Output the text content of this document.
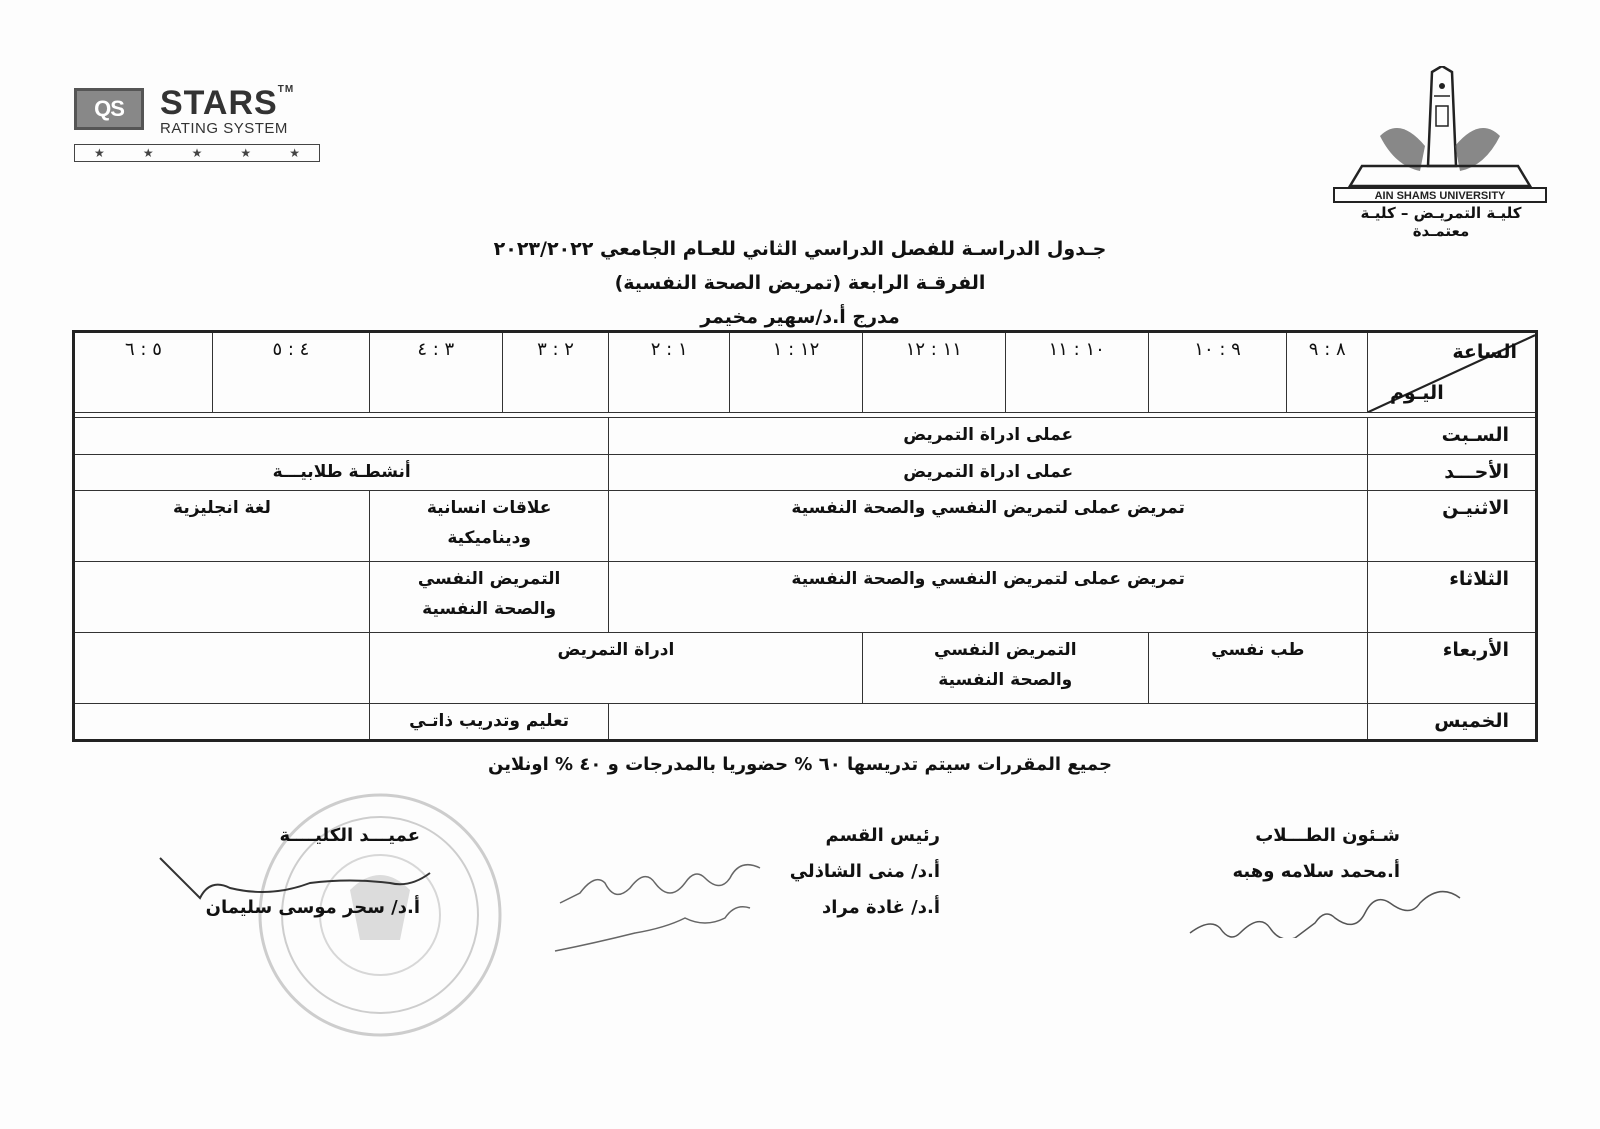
QS	STARS™
RATING SYSTEM
★	★	★	★	★
AIN SHAMS UNIVERSITY
كليـة التمريـض – كليـة معتمـدة
جـدول الدراسـة للفصل الدراسي الثاني للعـام الجامعي ٢٠٢٣/٢٠٢٢
الفرقـة الرابعة (تمريض الصحة النفسية)
مدرج أ.د/سهير مخيمر
الساعة
اليـوم	٨ : ٩	٩ : ١٠	١٠ : ١١	١١ : ١٢	١٢ : ١	١ : ٢	٢ : ٣	٣ : ٤	٤ : ٥	٥ : ٦

السـبت	عملى ادراة التمريض									
الأحـــد	عملى ادراة التمريض						أنشطـة طلابيـــة			
الاثنيـن	تمريض عملى لتمريض النفسي والصحة النفسية						علاقات انسانية وديناميكية		لغة انجليزية	
الثلاثاء	تمريض عملى لتمريض النفسي والصحة النفسية						التمريض النفسي والصحة النفسية			
الأربعاء	طب نفسي		التمريض النفسي والصحة النفسية		ادراة التمريض					
الخميس							تعليم وتدريب ذاتـي			
جميع المقررات سيتم تدريسها ٦٠ % حضوريا بالمدرجات و ٤٠ % اونلاين
شـئون الطـــلاب
أ.محمد سلامه وهبه
رئيس القسم
أ.د/ منى الشاذلي
أ.د/ غادة مراد
عميـــد الكليــــة
أ.د/ سحر موسى سليمان
